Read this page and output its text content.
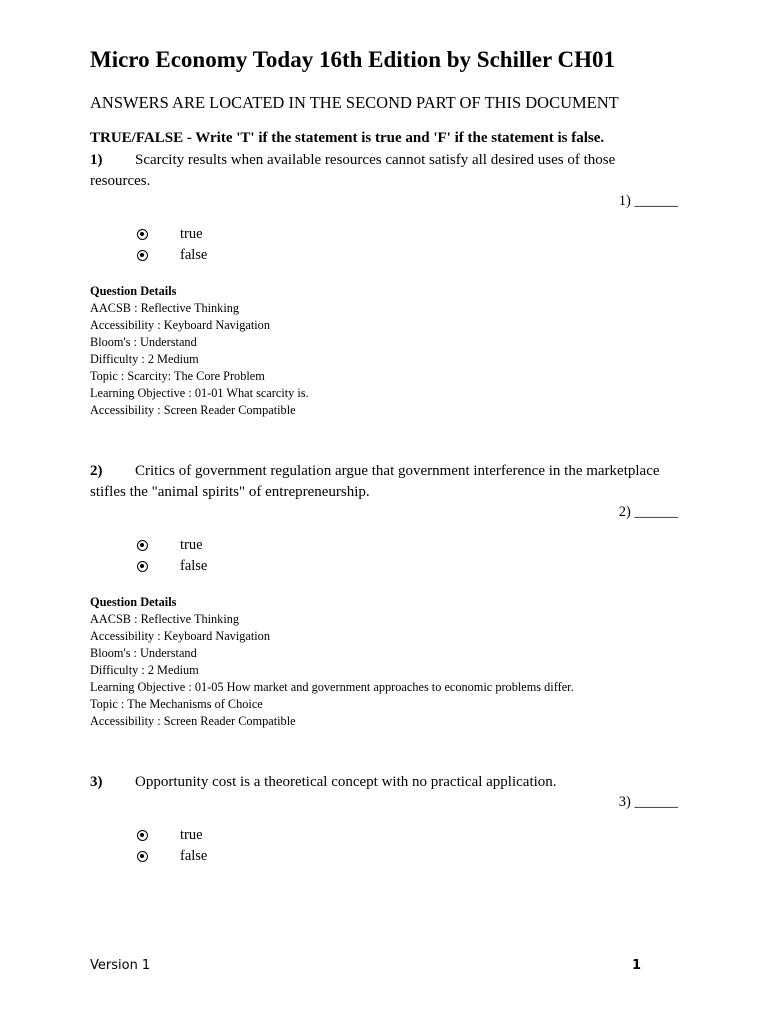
Micro Economy Today 16th Edition by Schiller CH01
ANSWERS ARE LOCATED IN THE SECOND PART OF THIS DOCUMENT
TRUE/FALSE - Write 'T' if the statement is true and 'F' if the statement is false.
1) Scarcity results when available resources cannot satisfy all desired uses of those
resources.
1) ______
true
false
Question Details
AACSB : Reflective Thinking
Accessibility : Keyboard Navigation
Bloom's : Understand
Difficulty : 2 Medium
Topic : Scarcity: The Core Problem
Learning Objective : 01-01 What scarcity is.
Accessibility : Screen Reader Compatible
2) Critics of government regulation argue that government interference in the marketplace
stifles the "animal spirits" of entrepreneurship.
2) ______
true
false
Question Details
AACSB : Reflective Thinking
Accessibility : Keyboard Navigation
Bloom's : Understand
Difficulty : 2 Medium
Learning Objective : 01-05 How market and government approaches to economic problems differ.
Topic : The Mechanisms of Choice
Accessibility : Screen Reader Compatible
3) Opportunity cost is a theoretical concept with no practical application.
3) ______
true
false
Version 1	1
